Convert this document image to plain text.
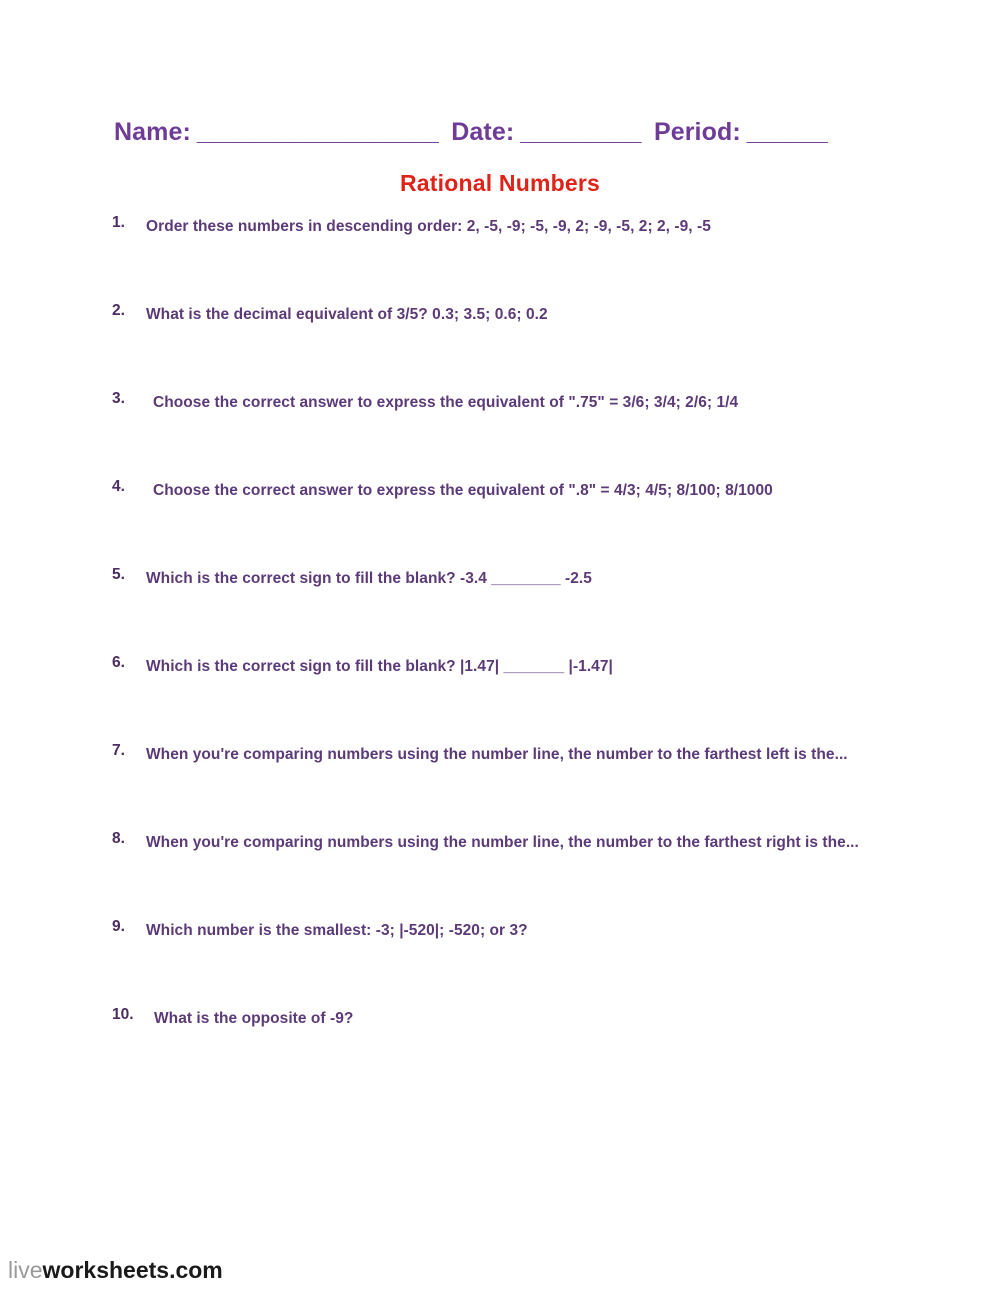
Name: __________________ Date: _________ Period: ______
Rational Numbers
1.	Order these numbers in descending order: 2, -5, -9; -5, -9, 2; -9, -5, 2; 2, -9, -5
2.	What is the decimal equivalent of 3/5? 0.3; 3.5; 0.6; 0.2
3.	Choose the correct answer to express the equivalent of ".75" = 3/6; 3/4; 2/6; 1/4
4.	Choose the correct answer to express the equivalent of ".8" = 4/3; 4/5; 8/100; 8/1000
5.	Which is the correct sign to fill the blank? -3.4 ________ -2.5
6.	Which is the correct sign to fill the blank? |1.47| _______ |-1.47|
7.	When you're comparing numbers using the number line, the number to the farthest left is the...
8.	When you're comparing numbers using the number line, the number to the farthest right is the...
9.	Which number is the smallest: -3; |-520|; -520; or 3?
10.	What is the opposite of -9?
liveworksheets.com
